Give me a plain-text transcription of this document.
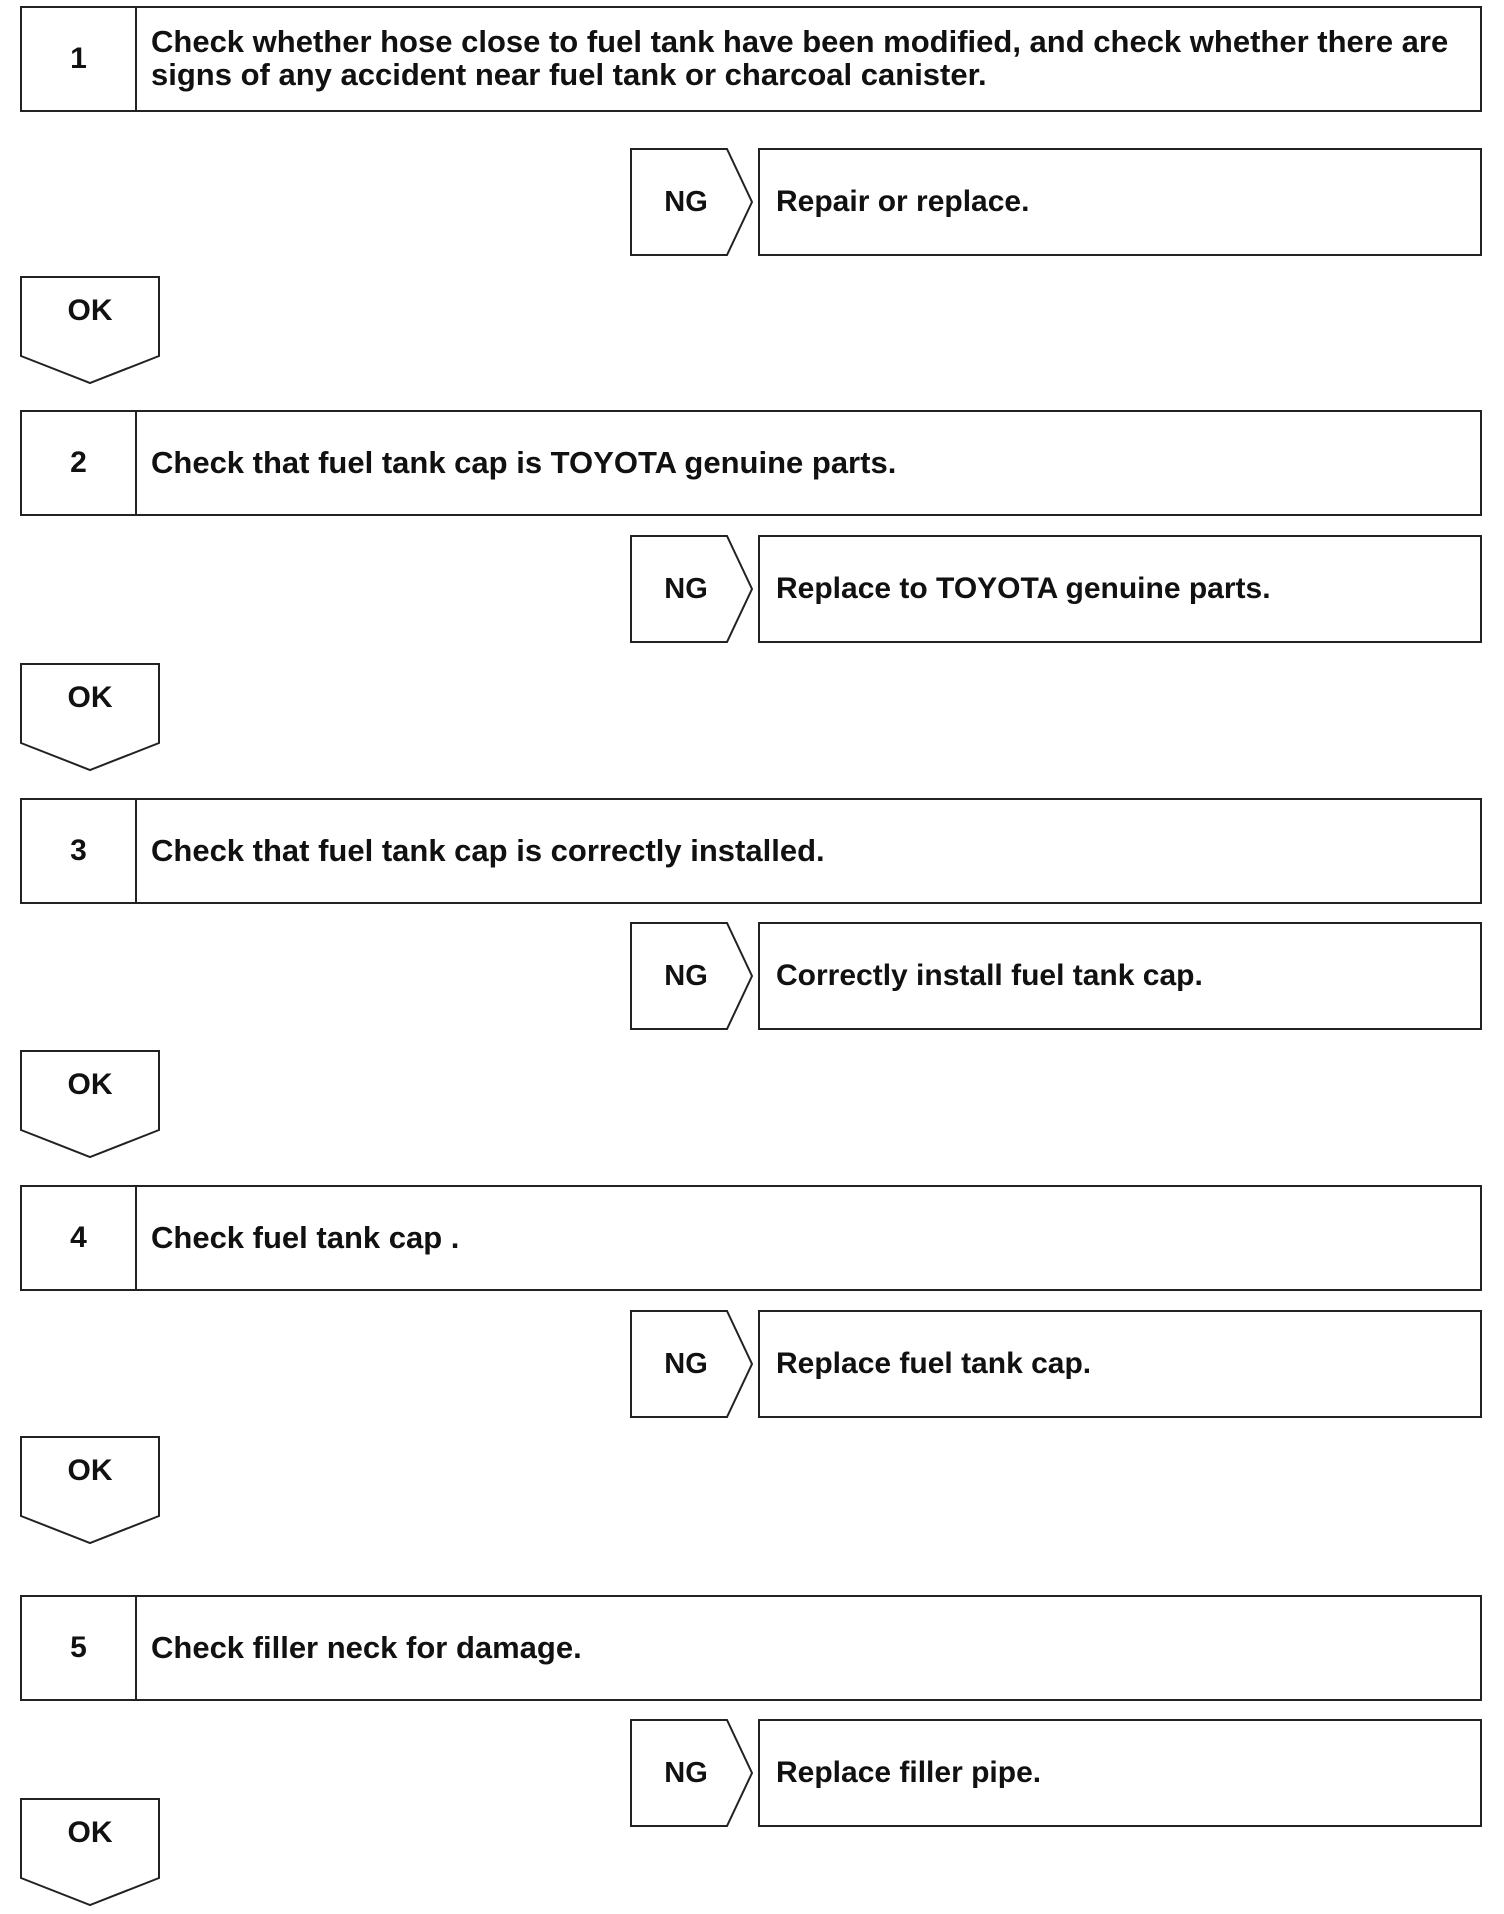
1	Check whether hose close to fuel tank have been modified, and check whether there are signs of any accident near fuel tank or charcoal canister.
NG	Repair or replace.
OK
2	Check that fuel tank cap is TOYOTA genuine parts.
NG	Replace to TOYOTA genuine parts.
OK
3	Check that fuel tank cap is correctly installed.
NG	Correctly install fuel tank cap.
OK
4	Check fuel tank cap .
NG	Replace fuel tank cap.
OK
5	Check filler neck for damage.
NG	Replace filler pipe.
OK
